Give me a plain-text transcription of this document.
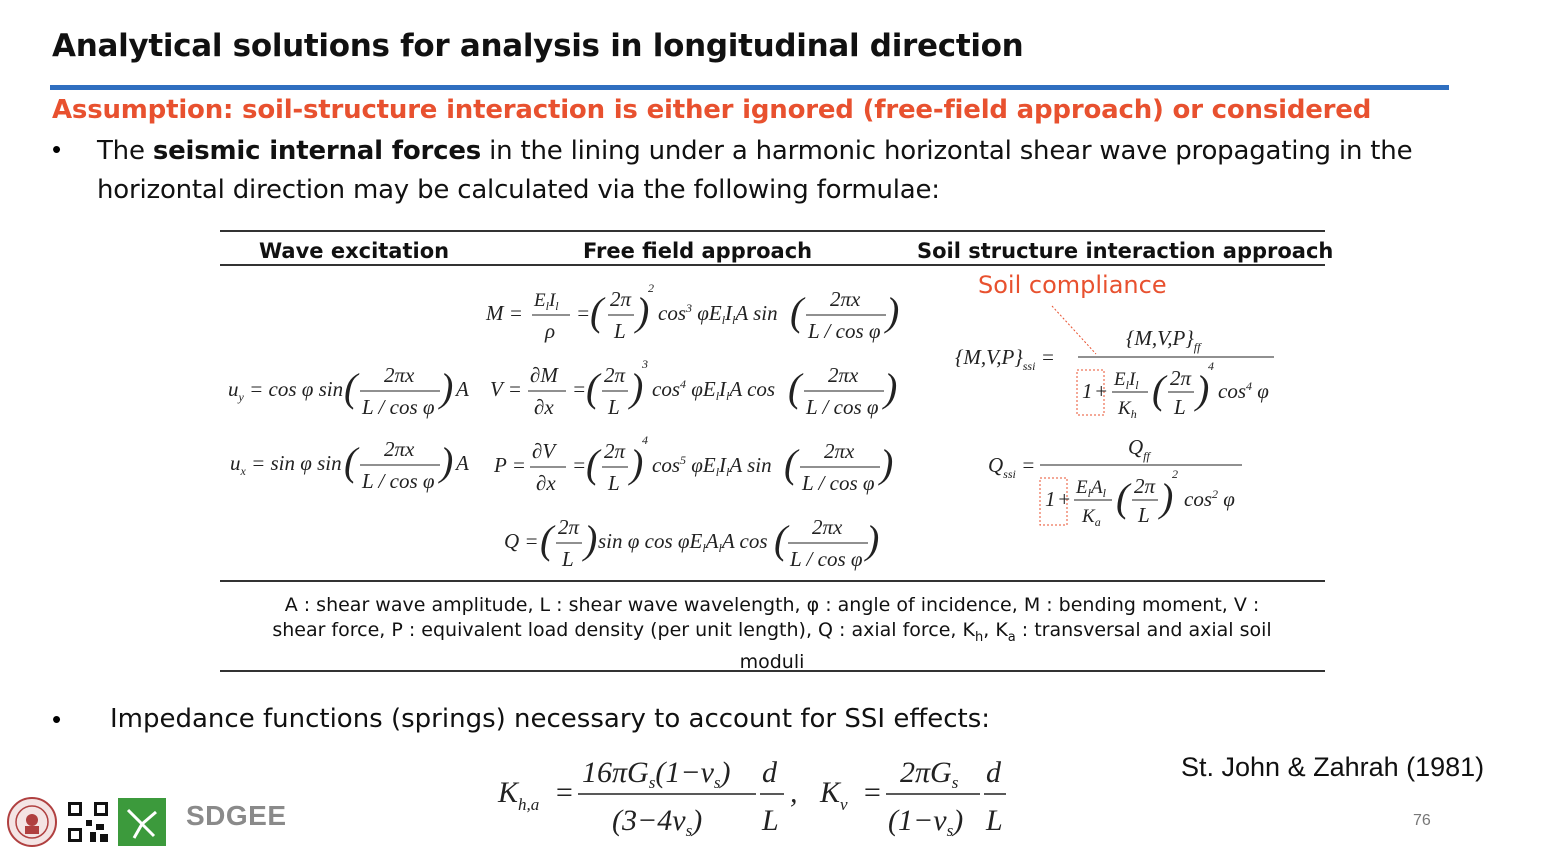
Analytical solutions for analysis in longitudinal direction
Assumption: soil-structure interaction is either ignored (free-field approach) or considered
• The seismic internal forces in the lining under a harmonic horizontal shear wave propagating in the horizontal direction may be calculated via the following formulae:
Wave excitation	Free field approach	Soil structure interaction approach
Soil compliance
M =
$E_lI_l$
ρ
= ( 2π
L )
2
$\cos^3$ φElIlA sin ( 2πx
L / cos φ )
V =
∂M
∂x
= ( 2π
L )
3
$\cos^4$ φElIlA cos ( 2πx
L / cos φ )
P =
∂V
∂x
= ( 2π
L )
4
$\cos^5$ φElIlA sin ( 2πx
L / cos φ )
Q = ( 2π
L ) sin φ cos φElAlA cos ( 2πx
L / cos φ )
$u_y = \cos \varphi$ sin ( 2πx
L / cos φ ) A
$u_x = \sin \varphi$ sin ( 2πx
L / cos φ ) A
$\{M,V,P\}_{ssi}$ =
$\{M,V,P\}_{ff}$
$1 + E_lI_l$
$K_h$
( 2π
L )
4
$\cos^4 \varphi$
$Q_{ssi}$ =
$Q_{ff}$
$1 + E_lA_l$
$K_a$
( 2π
L )
2
$\cos^2 \varphi$
$K_{h,a}$ =
$16\pi G_s(1-\nu_s)$
$(3-4\nu_s)$
d
L
, $K_v$ =
$2\pi G_s$
$(1-\nu_s)$
d
L
A : shear wave amplitude, L : shear wave wavelength, φ : angle of incidence, M : bending moment, V :
shear force, P : equivalent load density (per unit length), Q : axial force, $K_h$, $K_a$ : transversal and axial soil
moduli
• Impedance functions (springs) necessary to account for SSI effects:
St. John & Zahrah (1981)
76
SDGEE
